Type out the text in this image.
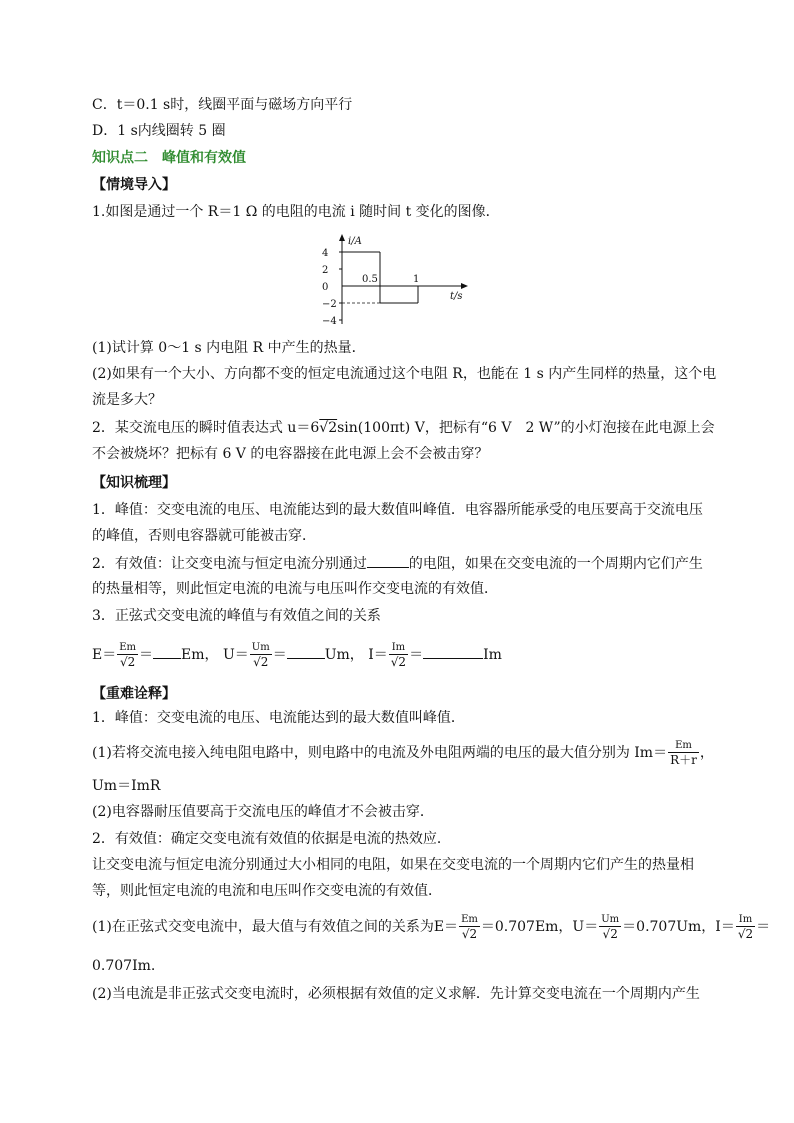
C．t＝0.1 s时，线圈平面与磁场方向平行
D．1 s内线圈转 5 圈
知识点二　峰值和有效值
【情境导入】
1.如图是通过一个 R＝1 Ω 的电阻的电流 i 随时间 t 变化的图像．
i/A
t/s
4
2
0
−2
−4
0.5	1
(1)试计算 0～1 s 内电阻 R 中产生的热量．
(2)如果有一个大小、方向都不变的恒定电流通过这个电阻 R，也能在 1 s 内产生同样的热量，这个电
流是多大？
2．某交流电压的瞬时值表达式 u＝6√2sin(100πt) V，把标有“6 V　2 W”的小灯泡接在此电源上会
不会被烧坏？把标有 6 V 的电容器接在此电源上会不会被击穿？
【知识梳理】
1．峰值：交变电流的电压、电流能达到的最大数值叫峰值．电容器所能承受的电压要高于交流电压
的峰值，否则电容器就可能被击穿．
2．有效值：让交变电流与恒定电流分别通过	的电阻，如果在交变电流的一个周期内它们产生
的热量相等，则此恒定电流的电流与电压叫作交变电流的有效值．
3．正弦式交变电流的峰值与有效值之间的关系
$E= \frac{Em}{√2} = Em$， $U= \frac{Um}{√2}$ ＝	Um， $I= \frac{Im}{√2}$ ＝	Im
【重难诠释】
1．峰值：交变电流的电压、电流能达到的最大数值叫峰值．
(1)若将交流电接入纯电阻电路中，则电路中的电流及外电阻两端的电压的最大值分别为 $Im= \frac{Em}{R+r}$ ，
Um＝ImR
(2)电容器耐压值要高于交流电压的峰值才不会被击穿．
2．有效值：确定交变电流有效值的依据是电流的热效应．
让交变电流与恒定电流分别通过大小相同的电阻，如果在交变电流的一个周期内它们产生的热量相
等，则此恒定电流的电流和电压叫作交变电流的有效值．
(1)在正弦式交变电流中，最大值与有效值之间的关系为$E= \frac{Em}{√2} =0.707Em$，$U= \frac{Um}{√2} =0.707Um$，$I= \frac{Im}{√2}$ ＝
0.707Im.
(2)当电流是非正弦式交变电流时，必须根据有效值的定义求解．先计算交变电流在一个周期内产生
